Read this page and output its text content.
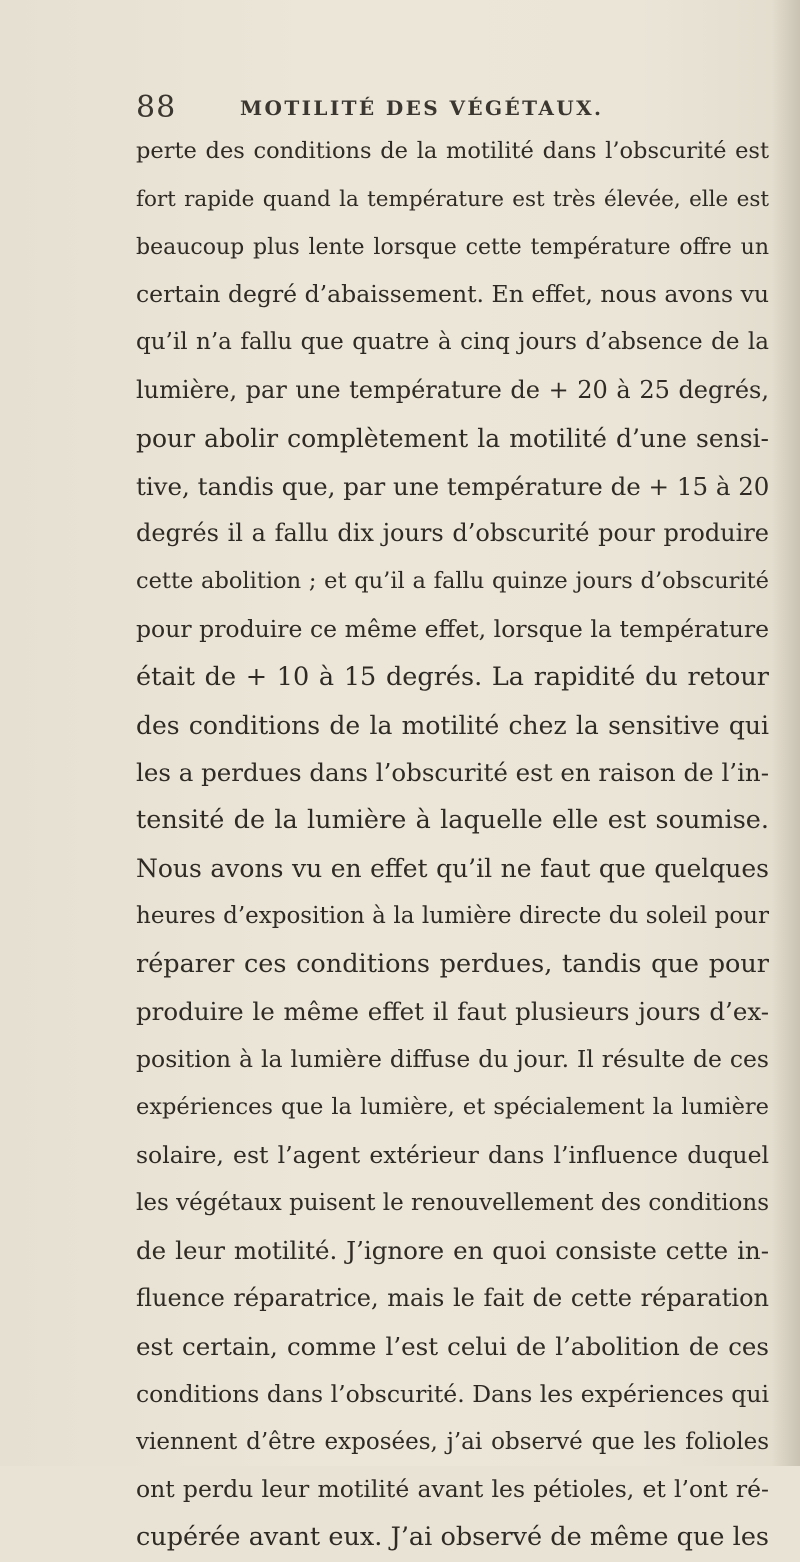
88	MOTILITÉ DES VÉGÉTAUX.
perte des conditions de la motilité dans l’obscurité est
fort rapide quand la température est très élevée, elle est
beaucoup plus lente lorsque cette température offre un
certain degré d’abaissement. En effet, nous avons vu
qu’il n’a fallu que quatre à cinq jours d’absence de la
lumière, par une température de + 20 à 25 degrés,
pour abolir complètement la motilité d’une sensi-
tive, tandis que, par une température de + 15 à 20
degrés il a fallu dix jours d’obscurité pour produire
cette abolition ; et qu’il a fallu quinze jours d’obscurité
pour produire ce même effet, lorsque la température
était de + 10 à 15 degrés. La rapidité du retour
des conditions de la motilité chez la sensitive qui
les a perdues dans l’obscurité est en raison de l’in-
tensité de la lumière à laquelle elle est soumise.
Nous avons vu en effet qu’il ne faut que quelques
heures d’exposition à la lumière directe du soleil pour
réparer ces conditions perdues, tandis que pour
produire le même effet il faut plusieurs jours d’ex-
position à la lumière diffuse du jour. Il résulte de ces
expériences que la lumière, et spécialement la lumière
solaire, est l’agent extérieur dans l’influence duquel
les végétaux puisent le renouvellement des conditions
de leur motilité. J’ignore en quoi consiste cette in-
fluence réparatrice, mais le fait de cette réparation
est certain, comme l’est celui de l’abolition de ces
conditions dans l’obscurité. Dans les expériences qui
viennent d’être exposées, j’ai observé que les folioles
ont perdu leur motilité avant les pétioles, et l’ont ré-
cupérée avant eux. J’ai observé de même que les
